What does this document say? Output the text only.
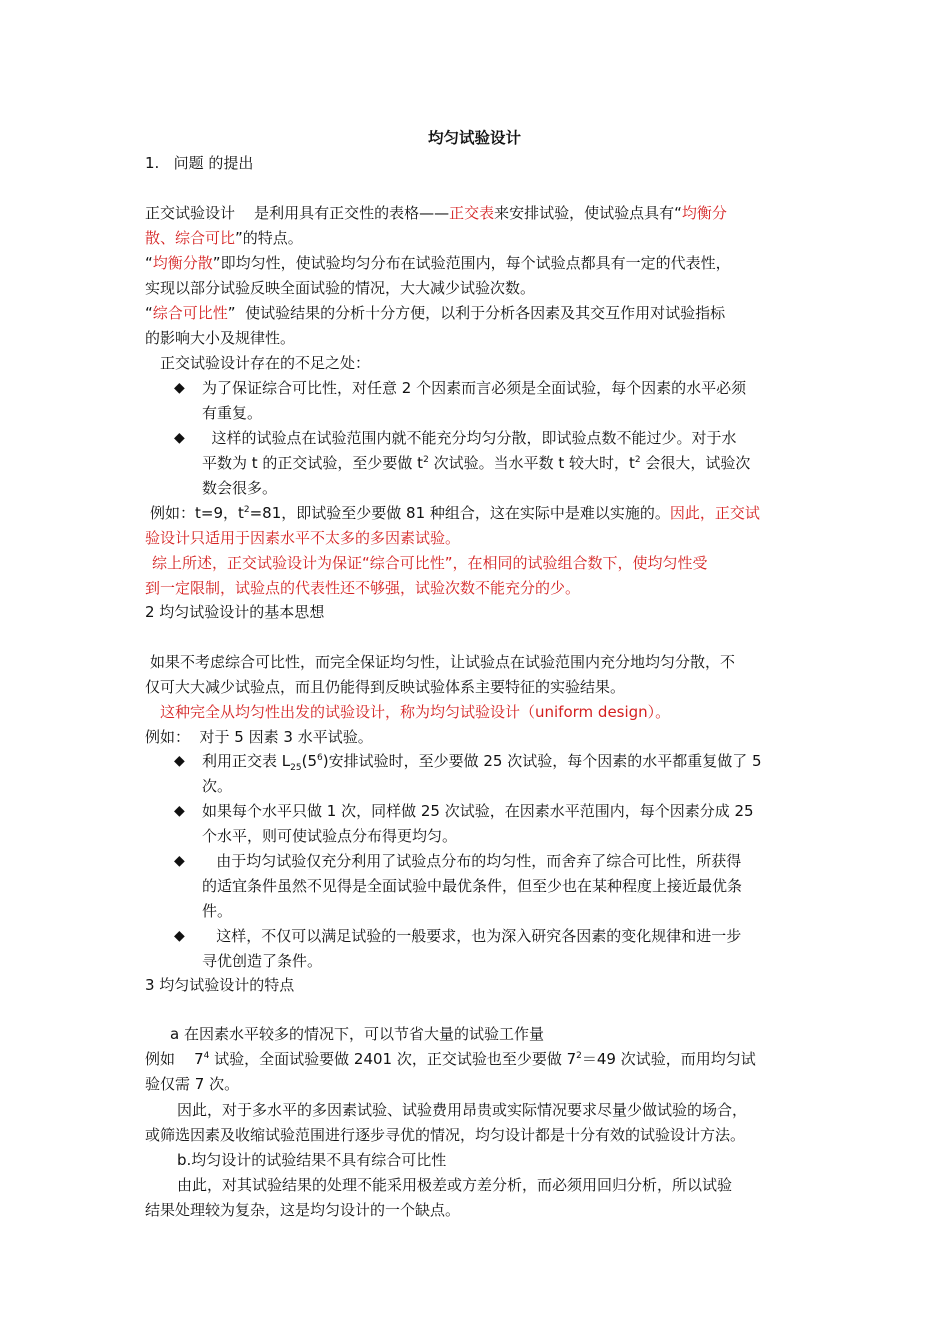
均匀试验设计
1.   问题 的提出
正交试验设计    是利用具有正交性的表格——正交表来安排试验，使试验点具有“均衡分
散、综合可比”的特点。
“均衡分散”即均匀性，使试验均匀分布在试验范围内，每个试验点都具有一定的代表性，
实现以部分试验反映全面试验的情况，大大减少试验次数。
“综合可比性”  使试验结果的分析十分方便，以利于分析各因素及其交互作用对试验指标
的影响大小及规律性。
正交试验设计存在的不足之处：
◆ 为了保证综合可比性，对任意 2 个因素而言必须是全面试验，每个因素的水平必须
有重复。
◆ 这样的试验点在试验范围内就不能充分均匀分散，即试验点数不能过少。对于水
平数为 t 的正交试验，至少要做 $t^2$ 次试验。当水平数 t 较大时，$t^2$ 会很大，试验次
数会很多。
例如：t=9，$t^2=81$，即试验至少要做 81 种组合，这在实际中是难以实施的。因此，正交试
验设计只适用于因素水平不太多的多因素试验。
综上所述，正交试验设计为保证“综合可比性”，在相同的试验组合数下，使均匀性受
到一定限制，试验点的代表性还不够强，试验次数不能充分的少。
2 均匀试验设计的基本思想
如果不考虑综合可比性，而完全保证均匀性，让试验点在试验范围内充分地均匀分散，不
仅可大大减少试验点，而且仍能得到反映试验体系主要特征的实验结果。
这种完全从均匀性出发的试验设计，称为均匀试验设计（uniform design）。
例如：  对于 5 因素 3 水平试验。
◆ 利用正交表 $L_{25}(5^6)$安排试验时，至少要做 25 次试验，每个因素的水平都重复做了 5
次。
◆ 如果每个水平只做 1 次，同样做 25 次试验，在因素水平范围内，每个因素分成 25
个水平，则可使试验点分布得更均匀。
◆ 由于均匀试验仅充分利用了试验点分布的均匀性，而舍弃了综合可比性，所获得
的适宜条件虽然不见得是全面试验中最优条件，但至少也在某种程度上接近最优条
件。
◆ 这样，不仅可以满足试验的一般要求，也为深入研究各因素的变化规律和进一步
寻优创造了条件。
3 均匀试验设计的特点
a 在因素水平较多的情况下，可以节省大量的试验工作量
例如    $7^4$ 试验，全面试验要做 2401 次，正交试验也至少要做 $7^2=49$ 次试验，而用均匀试
验仅需 7 次。
因此，对于多水平的多因素试验、试验费用昂贵或实际情况要求尽量少做试验的场合，
或筛选因素及收缩试验范围进行逐步寻优的情况，均匀设计都是十分有效的试验设计方法。
b.均匀设计的试验结果不具有综合可比性
由此，对其试验结果的处理不能采用极差或方差分析，而必须用回归分析，所以试验
结果处理较为复杂，这是均匀设计的一个缺点。
